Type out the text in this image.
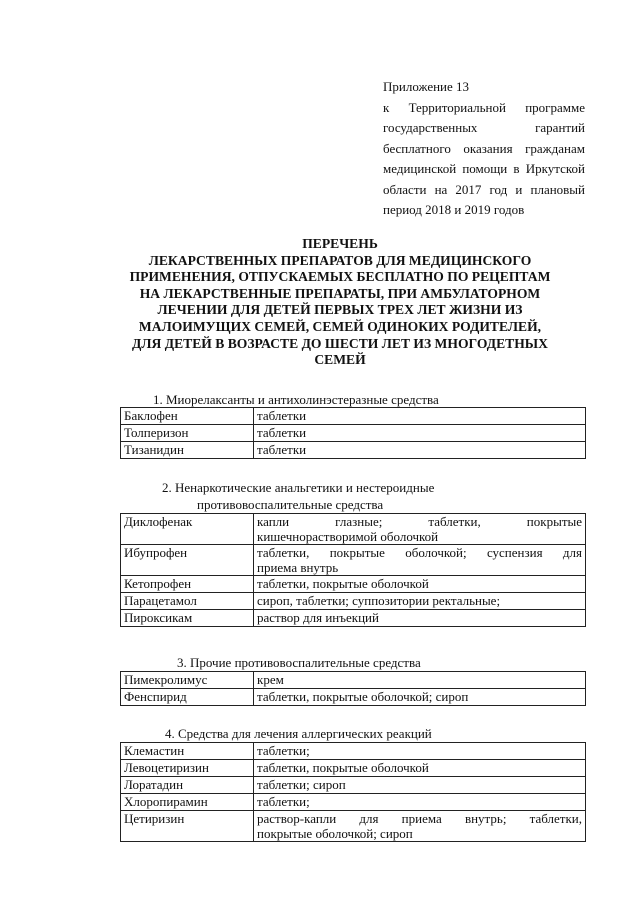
Приложение 13
к Территориальной программе
государственных гарантий
бесплатного оказания гражданам
медицинской помощи в Иркутской
области на 2017 год и плановый
период 2018 и 2019 годов
ПЕРЕЧЕНЬ
ЛЕКАРСТВЕННЫХ ПРЕПАРАТОВ ДЛЯ МЕДИЦИНСКОГО
ПРИМЕНЕНИЯ, ОТПУСКАЕМЫХ БЕСПЛАТНО ПО РЕЦЕПТАМ
НА ЛЕКАРСТВЕННЫЕ ПРЕПАРАТЫ, ПРИ АМБУЛАТОРНОМ
ЛЕЧЕНИИ ДЛЯ ДЕТЕЙ ПЕРВЫХ ТРЕХ ЛЕТ ЖИЗНИ ИЗ
МАЛОИМУЩИХ СЕМЕЙ, СЕМЕЙ ОДИНОКИХ РОДИТЕЛЕЙ,
ДЛЯ ДЕТЕЙ В ВОЗРАСТЕ ДО ШЕСТИ ЛЕТ ИЗ МНОГОДЕТНЫХ
СЕМЕЙ
1. Миорелаксанты и антихолинэстеразные средства
Баклофен	таблетки
Толперизон	таблетки
Тизанидин	таблетки
2. Ненаркотические анальгетики и нестероидные
противовоспалительные средства
Диклофенак	капли глазные; таблетки, покрытые
кишечнорастворимой оболочкой

Ибупрофен	таблетки, покрытые оболочкой; суспензия для
приема внутрь

Кетопрофен	таблетки, покрытые оболочкой
Парацетамол	сироп, таблетки; суппозитории ректальные;
Пироксикам	раствор для инъекций
3. Прочие противовоспалительные средства
Пимекролимус	крем
Фенспирид	таблетки, покрытые оболочкой; сироп
4. Средства для лечения аллергических реакций
Клемастин	таблетки;
Левоцетиризин	таблетки, покрытые оболочкой
Лоратадин	таблетки; сироп
Хлоропирамин	таблетки;
Цетиризин	раствор-капли для приема внутрь; таблетки,
покрытые оболочкой; сироп
